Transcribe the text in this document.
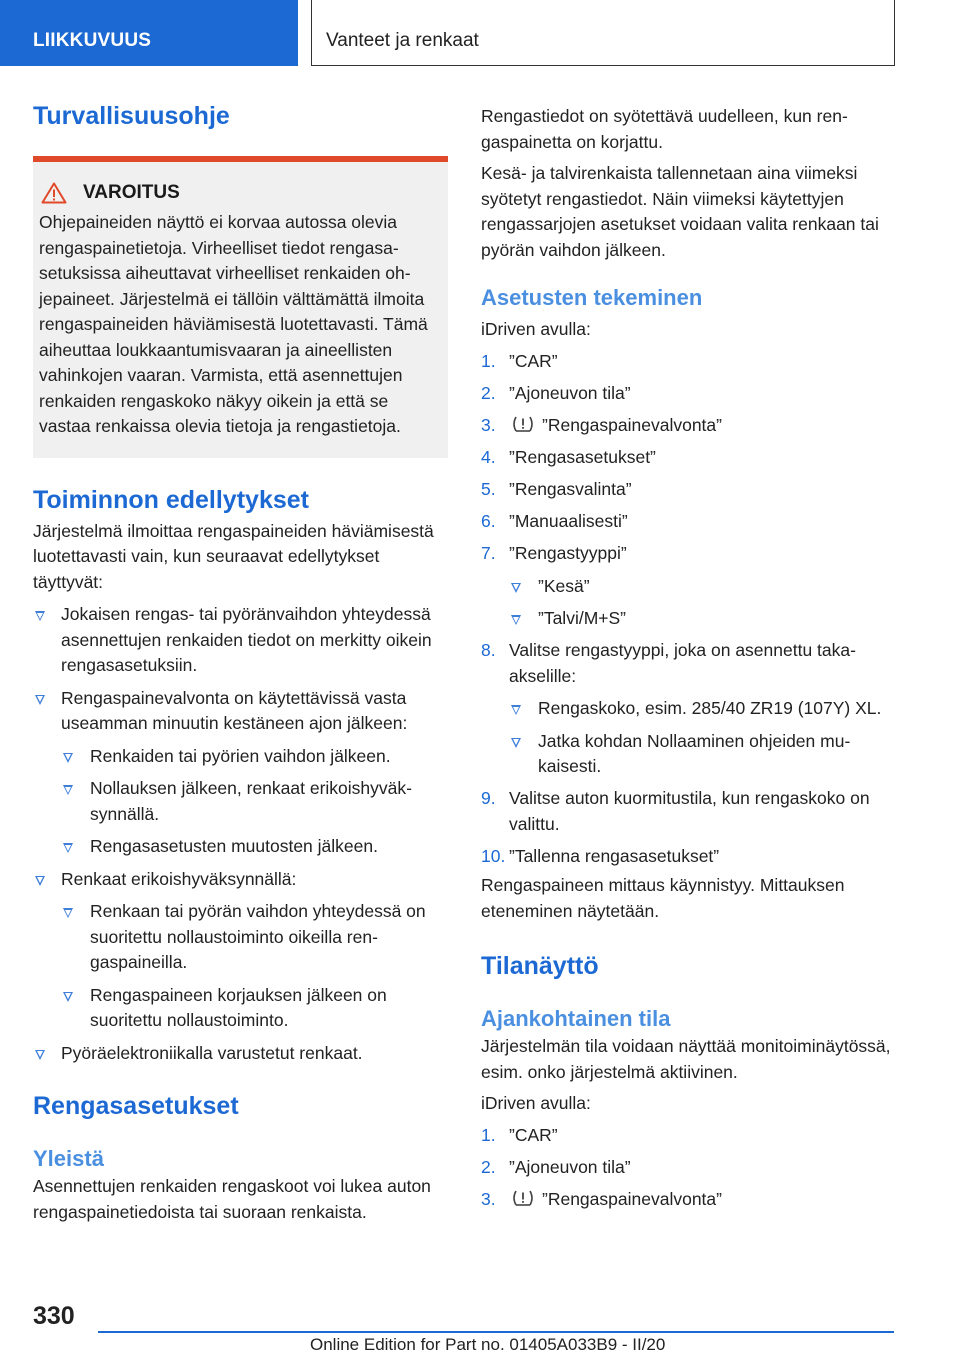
LIIKKUVUUS	Vanteet ja renkaat
Turvallisuusohje
VAROITUS

Ohjepaineiden näyttö ei korvaa autossa olevia rengaspainetietoja. Virheelliset tiedot rengasasetuksissa aiheuttavat virheelliset renkaiden ohjepaineet. Järjestelmä ei tällöin välttämättä ilmoita rengaspaineiden häviämisestä luotettavasti. Tämä aiheuttaa loukkaantumisvaaran ja aineellisten vahinkojen vaaran. Varmista, että asennettujen renkaiden rengaskoko näkyy oikein ja että se vastaa renkaissa olevia tietoja ja rengastietoja.

Toiminnon edellytykset

Järjestelmä ilmoittaa rengaspaineiden häviämisestä luotettavasti vain, kun seuraavat edellytykset täyttyvät:

Jokaisen rengas- tai pyöränvaihdon yhteydessä asennettujen renkaiden tiedot on merkitty oikein rengasasetuksiin.
Rengaspainevalvonta on käytettävissä vasta useamman minuutin kestäneen ajon jälkeen:
Renkaiden tai pyörien vaihdon jälkeen.
Nollauksen jälkeen, renkaat erikoishyväksynnällä.
Rengasasetusten muutosten jälkeen.
Renkaat erikoishyväksynnällä:
Renkaan tai pyörän vaihdon yhteydessä on suoritettu nollaustoiminto oikeilla rengaspaineilla.
Rengaspaineen korjauksen jälkeen on suoritettu nollaustoiminto.
Pyöräelektroniikalla varustetut renkaat.
Rengasasetukset
Yleistä

Asennettujen renkaiden rengaskoot voi lukea auton rengaspainetiedoista tai suoraan renkaista.

Rengastiedot on syötettävä uudelleen, kun rengaspainetta on korjattu.

Kesä- ja talvirenkaista tallennetaan aina viimeksi syötetyt rengastiedot. Näin viimeksi käytettyjen rengassarjojen asetukset voidaan valita renkaan tai pyörän vaihdon jälkeen.

Asetusten tekeminen

iDriven avulla:

1. ”CAR”
2. ”Ajoneuvon tila”
3.	”Rengaspainevalvonta”
4. ”Rengasasetukset”
5. ”Rengasvalinta”
6. ”Manuaalisesti”
7. ”Rengastyyppi”
”Kesä”
”Talvi/M+S”
8. Valitse rengastyyppi, joka on asennettu takaakselille:
Rengaskoko, esim. 285/40 ZR19 (107Y) XL.
Jatka kohdan Nollaaminen ohjeiden mukaisesti.
9. Valitse auton kuormitustila, kun rengaskoko on valittu.
10. ”Tallenna rengasasetukset”

Rengaspaineen mittaus käynnistyy. Mittauksen eteneminen näytetään.

Tilanäyttö
Ajankohtainen tila

Järjestelmän tila voidaan näyttää monitoiminäytössä, esim. onko järjestelmä aktiivinen.

iDriven avulla:

1. ”CAR”
2. ”Ajoneuvon tila”
3.	”Rengaspainevalvonta”
330
Online Edition for Part no. 01405A033B9 - II/20
